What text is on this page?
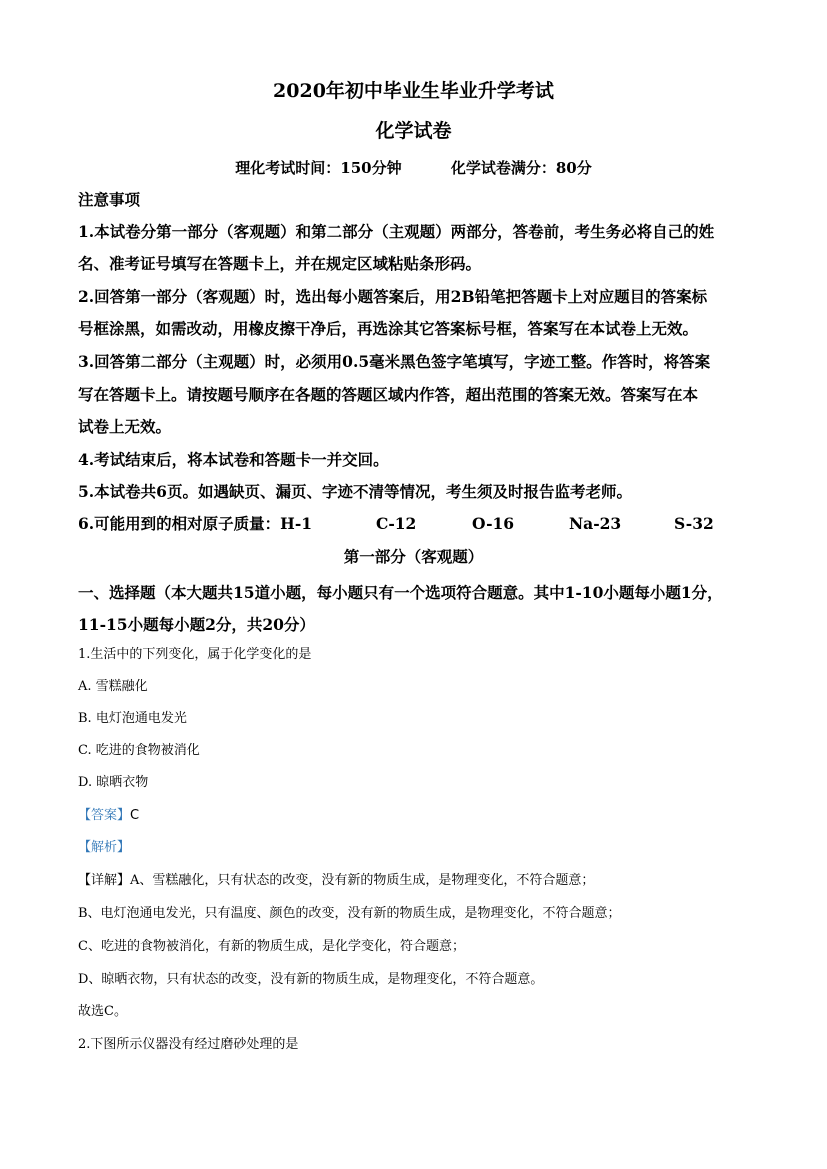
2020年初中毕业生毕业升学考试
化学试卷
理化考试时间：150分钟	化学试卷满分：80分
注意事项
1.本试卷分第一部分（客观题）和第二部分（主观题）两部分，答卷前，考生务必将自己的姓
名、准考证号填写在答题卡上，并在规定区域粘贴条形码。
2.回答第一部分（客观题）时，选出每小题答案后，用2B铅笔把答题卡上对应题目的答案标
号框涂黑，如需改动，用橡皮擦干净后，再选涂其它答案标号框，答案写在本试卷上无效。
3.回答第二部分（主观题）时，必须用0.5毫米黑色签字笔填写，字迹工整。作答时，将答案
写在答题卡上。请按题号顺序在各题的答题区域内作答，超出范围的答案无效。答案写在本
试卷上无效。
4.考试结束后，将本试卷和答题卡一并交回。
5.本试卷共6页。如遇缺页、漏页、字迹不清等情况，考生须及时报告监考老师。
6.可能用到的相对原子质量：H-1	C-12	O-16	Na-23	S-32
第一部分（客观题）
一、选择题（本大题共15道小题，每小题只有一个选项符合题意。其中1-10小题每小题1分，
11-15小题每小题2分，共20分）
1.生活中的下列变化，属于化学变化的是
A. 雪糕融化
B. 电灯泡通电发光
C. 吃进的食物被消化
D. 晾晒衣物
【答案】C
【解析】
【详解】A、雪糕融化，只有状态的改变，没有新的物质生成，是物理变化，不符合题意；
B、电灯泡通电发光，只有温度、颜色的改变，没有新的物质生成，是物理变化，不符合题意；
C、吃进的食物被消化，有新的物质生成，是化学变化，符合题意；
D、晾晒衣物，只有状态的改变，没有新的物质生成，是物理变化，不符合题意。
故选C。
2.下图所示仪器没有经过磨砂处理的是
